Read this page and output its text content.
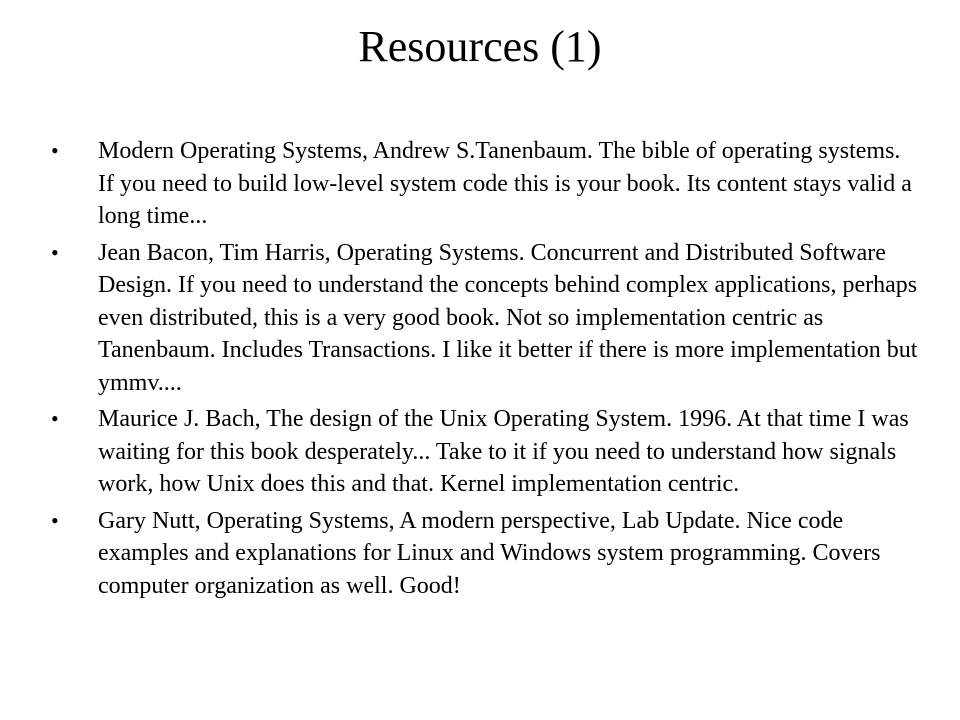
Resources (1)
•	Modern Operating Systems, Andrew S.Tanenbaum. The bible of operating systems. If you need to build low-level system code this is your book. Its content stays valid a long time...
•	Jean Bacon, Tim Harris, Operating Systems. Concurrent and Distributed Software Design. If you need to understand the concepts behind complex applications, perhaps even distributed, this is a very good book. Not so implementation centric as Tanenbaum. Includes Transactions. I like it better if there is more implementation but ymmv....
•	Maurice J. Bach, The design of the Unix Operating System. 1996. At that time I was waiting for this book desperately... Take to it if you need to understand how signals work, how Unix does this and that. Kernel implementation centric.
•	Gary Nutt, Operating Systems, A modern perspective, Lab Update. Nice code examples and explanations for Linux and Windows system programming. Covers computer organization as well. Good!
